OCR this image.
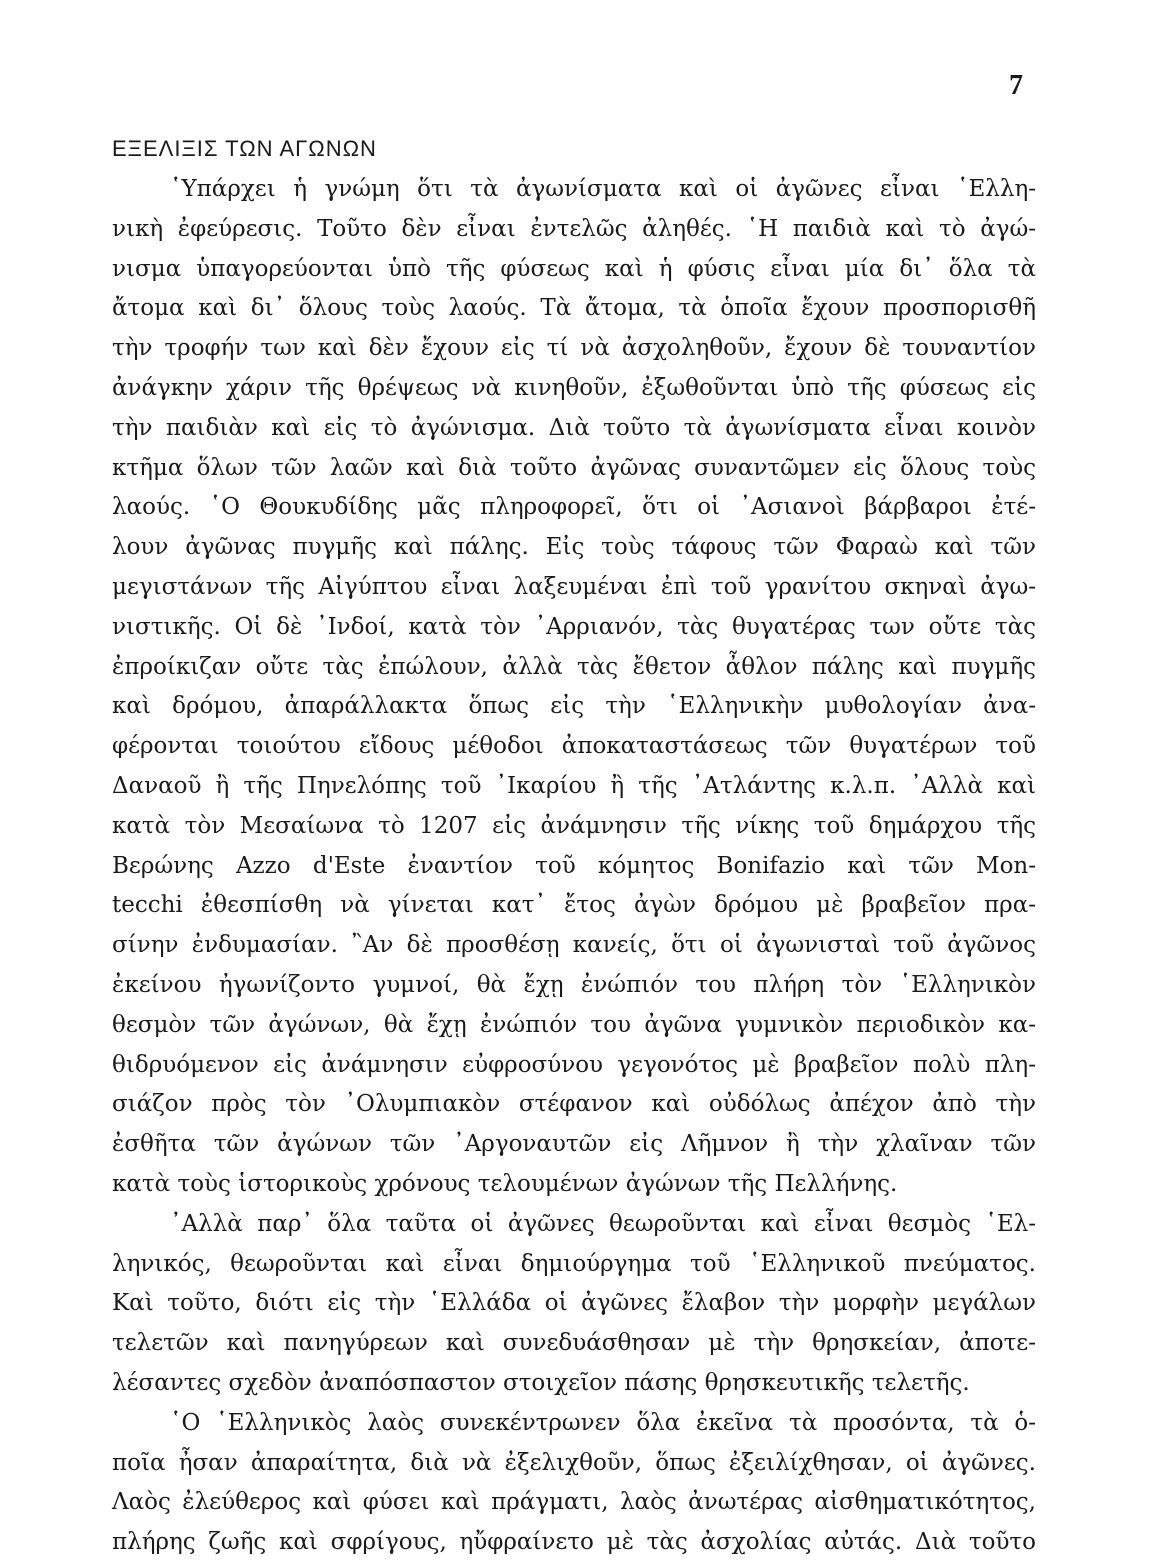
7
ΕΞΕΛΙΞΙΣ ΤΩΝ ΑΓΩΝΩΝ
῾Υπάρχει ἡ γνώμη ὅτι τὰ ἀγωνίσματα καὶ οἱ ἀγῶνες εἶναι ῾Ελλη-
νικὴ ἐφεύρεσις. Τοῦτο δὲν εἶναι ἐντελῶς ἀληθές. ῾Η παιδιὰ καὶ τὸ ἀγώ-
νισμα ὑπαγορεύονται ὑπὸ τῆς φύσεως καὶ ἡ φύσις εἶναι μία δι᾽ ὅλα τὰ
ἄτομα καὶ δι᾽ ὅλους τοὺς λαούς. Τὰ ἄτομα, τὰ ὁποῖα ἔχουν προσπορισθῆ
τὴν τροφήν των καὶ δὲν ἔχουν εἰς τί νὰ ἀσχοληθοῦν, ἔχουν δὲ τουναντίον
ἀνάγκην χάριν τῆς θρέψεως νὰ κινηθοῦν, ἐξωθοῦνται ὑπὸ τῆς φύσεως εἰς
τὴν παιδιὰν καὶ εἰς τὸ ἀγώνισμα. Διὰ τοῦτο τὰ ἀγωνίσματα εἶναι κοινὸν
κτῆμα ὅλων τῶν λαῶν καὶ διὰ τοῦτο ἀγῶνας συναντῶμεν εἰς ὅλους τοὺς
λαούς. ῾Ο Θουκυδίδης μᾶς πληροφορεῖ, ὅτι οἱ ᾿Ασιανοὶ βάρβαροι ἐτέ-
λουν ἀγῶνας πυγμῆς καὶ πάλης. Εἰς τοὺς τάφους τῶν Φαραὼ καὶ τῶν
μεγιστάνων τῆς Αἰγύπτου εἶναι λαξευμέναι ἐπὶ τοῦ γρανίτου σκηναὶ ἀγω-
νιστικῆς. Οἱ δὲ ᾿Ινδοί, κατὰ τὸν ᾿Αρριανόν, τὰς θυγατέρας των οὔτε τὰς
ἐπροίκιζαν οὔτε τὰς ἐπώλουν, ἀλλὰ τὰς ἔθετον ἆθλον πάλης καὶ πυγμῆς
καὶ δρόμου, ἀπαράλλακτα ὅπως εἰς τὴν ῾Ελληνικὴν μυθολογίαν ἀνα-
φέρονται τοιούτου εἴδους μέθοδοι ἀποκαταστάσεως τῶν θυγατέρων τοῦ
Δαναοῦ ἢ τῆς Πηνελόπης τοῦ ᾿Ικαρίου ἢ τῆς ᾿Ατλάντης κ.λ.π. ᾿Αλλὰ καὶ
κατὰ τὸν Μεσαίωνα τὸ 1207 εἰς ἀνάμνησιν τῆς νίκης τοῦ δημάρχου τῆς
Βερώνης Azzo d'Este ἐναντίον τοῦ κόμητος Bonifazio καὶ τῶν Mon-
tecchi ἐθεσπίσθη νὰ γίνεται κατ᾽ ἔτος ἀγὼν δρόμου μὲ βραβεῖον πρα-
σίνην ἐνδυμασίαν. ῍Αν δὲ προσθέσῃ κανείς, ὅτι οἱ ἀγωνισταὶ τοῦ ἀγῶνος
ἐκείνου ἠγωνίζοντο γυμνοί, θὰ ἔχῃ ἐνώπιόν του πλήρη τὸν ῾Ελληνικὸν
θεσμὸν τῶν ἀγώνων, θὰ ἔχῃ ἐνώπιόν του ἀγῶνα γυμνικὸν περιοδικὸν κα-
θιδρυόμενον εἰς ἀνάμνησιν εὐφροσύνου γεγονότος μὲ βραβεῖον πολὺ πλη-
σιάζον πρὸς τὸν ᾿Ολυμπιακὸν στέφανον καὶ οὐδόλως ἀπέχον ἀπὸ τὴν
ἐσθῆτα τῶν ἀγώνων τῶν ᾿Αργοναυτῶν εἰς Λῆμνον ἢ τὴν χλαῖναν τῶν
κατὰ τοὺς ἱστορικοὺς χρόνους τελουμένων ἀγώνων τῆς Πελλήνης.
᾿Αλλὰ παρ᾽ ὅλα ταῦτα οἱ ἀγῶνες θεωροῦνται καὶ εἶναι θεσμὸς ῾Ελ-
ληνικός, θεωροῦνται καὶ εἶναι δημιούργημα τοῦ ῾Ελληνικοῦ πνεύματος.
Καὶ τοῦτο, διότι εἰς τὴν ῾Ελλάδα οἱ ἀγῶνες ἔλαβον τὴν μορφὴν μεγάλων
τελετῶν καὶ πανηγύρεων καὶ συνεδυάσθησαν μὲ τὴν θρησκείαν, ἀποτε-
λέσαντες σχεδὸν ἀναπόσπαστον στοιχεῖον πάσης θρησκευτικῆς τελετῆς.
῾Ο ῾Ελληνικὸς λαὸς συνεκέντρωνεν ὅλα ἐκεῖνα τὰ προσόντα, τὰ ὁ-
ποῖα ἦσαν ἀπαραίτητα, διὰ νὰ ἐξελιχθοῦν, ὅπως ἐξειλίχθησαν, οἱ ἀγῶνες.
Λαὸς ἐλεύθερος καὶ φύσει καὶ πράγματι, λαὸς ἀνωτέρας αἰσθηματικότητος,
πλήρης ζωῆς καὶ σφρίγους, ηὔφραίνετο μὲ τὰς ἀσχολίας αὐτάς. Διὰ τοῦτο
